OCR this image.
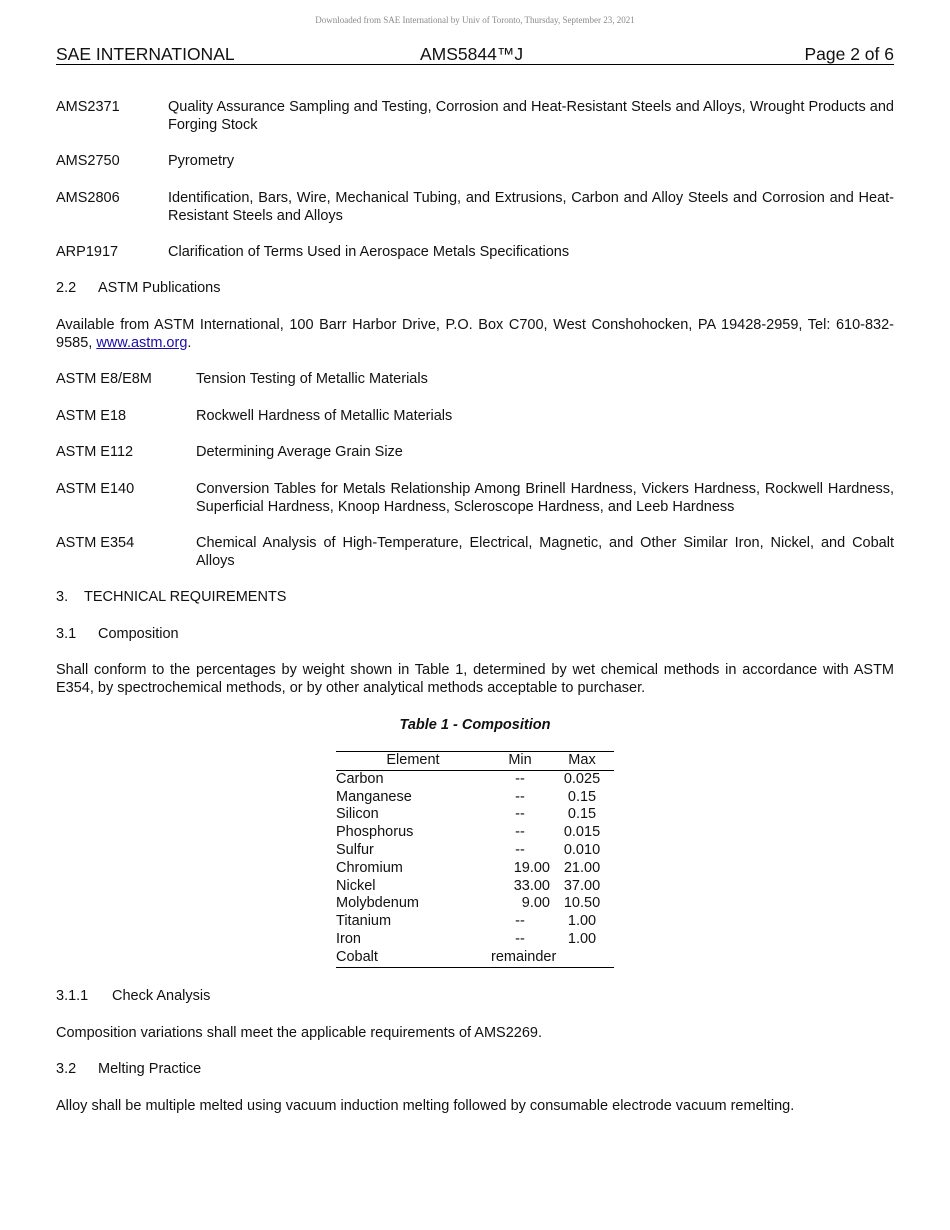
Downloaded from SAE International by Univ of Toronto, Thursday, September 23, 2021
SAE INTERNATIONAL	AMS5844™J	Page 2 of 6
AMS2371	Quality Assurance Sampling and Testing, Corrosion and Heat-Resistant Steels and Alloys, Wrought Products and Forging Stock
AMS2750	Pyrometry
AMS2806	Identification, Bars, Wire, Mechanical Tubing, and Extrusions, Carbon and Alloy Steels and Corrosion and Heat-Resistant Steels and Alloys
ARP1917	Clarification of Terms Used in Aerospace Metals Specifications
2.2 ASTM Publications
Available from ASTM International, 100 Barr Harbor Drive, P.O. Box C700, West Conshohocken, PA 19428-2959, Tel: 610-832-9585, www.astm.org.
ASTM E8/E8M	Tension Testing of Metallic Materials
ASTM E18	Rockwell Hardness of Metallic Materials
ASTM E112	Determining Average Grain Size
ASTM E140	Conversion Tables for Metals Relationship Among Brinell Hardness, Vickers Hardness, Rockwell Hardness, Superficial Hardness, Knoop Hardness, Scleroscope Hardness, and Leeb Hardness
ASTM E354	Chemical Analysis of High-Temperature, Electrical, Magnetic, and Other Similar Iron, Nickel, and Cobalt Alloys
3. TECHNICAL REQUIREMENTS
3.1 Composition
Shall conform to the percentages by weight shown in Table 1, determined by wet chemical methods in accordance with ASTM E354, by spectrochemical methods, or by other analytical methods acceptable to purchaser.
Table 1 - Composition
Element	Min	Max
Carbon	--	0.025
Manganese	--	0.15
Silicon	--	0.15
Phosphorus	--	0.015
Sulfur	--	0.010
Chromium	19.00	21.00
Nickel	33.00	37.00
Molybdenum	9.00	10.50
Titanium	--	1.00
Iron	--	1.00
Cobalt	remainder	
3.1.1 Check Analysis
Composition variations shall meet the applicable requirements of AMS2269.
3.2 Melting Practice
Alloy shall be multiple melted using vacuum induction melting followed by consumable electrode vacuum remelting.
